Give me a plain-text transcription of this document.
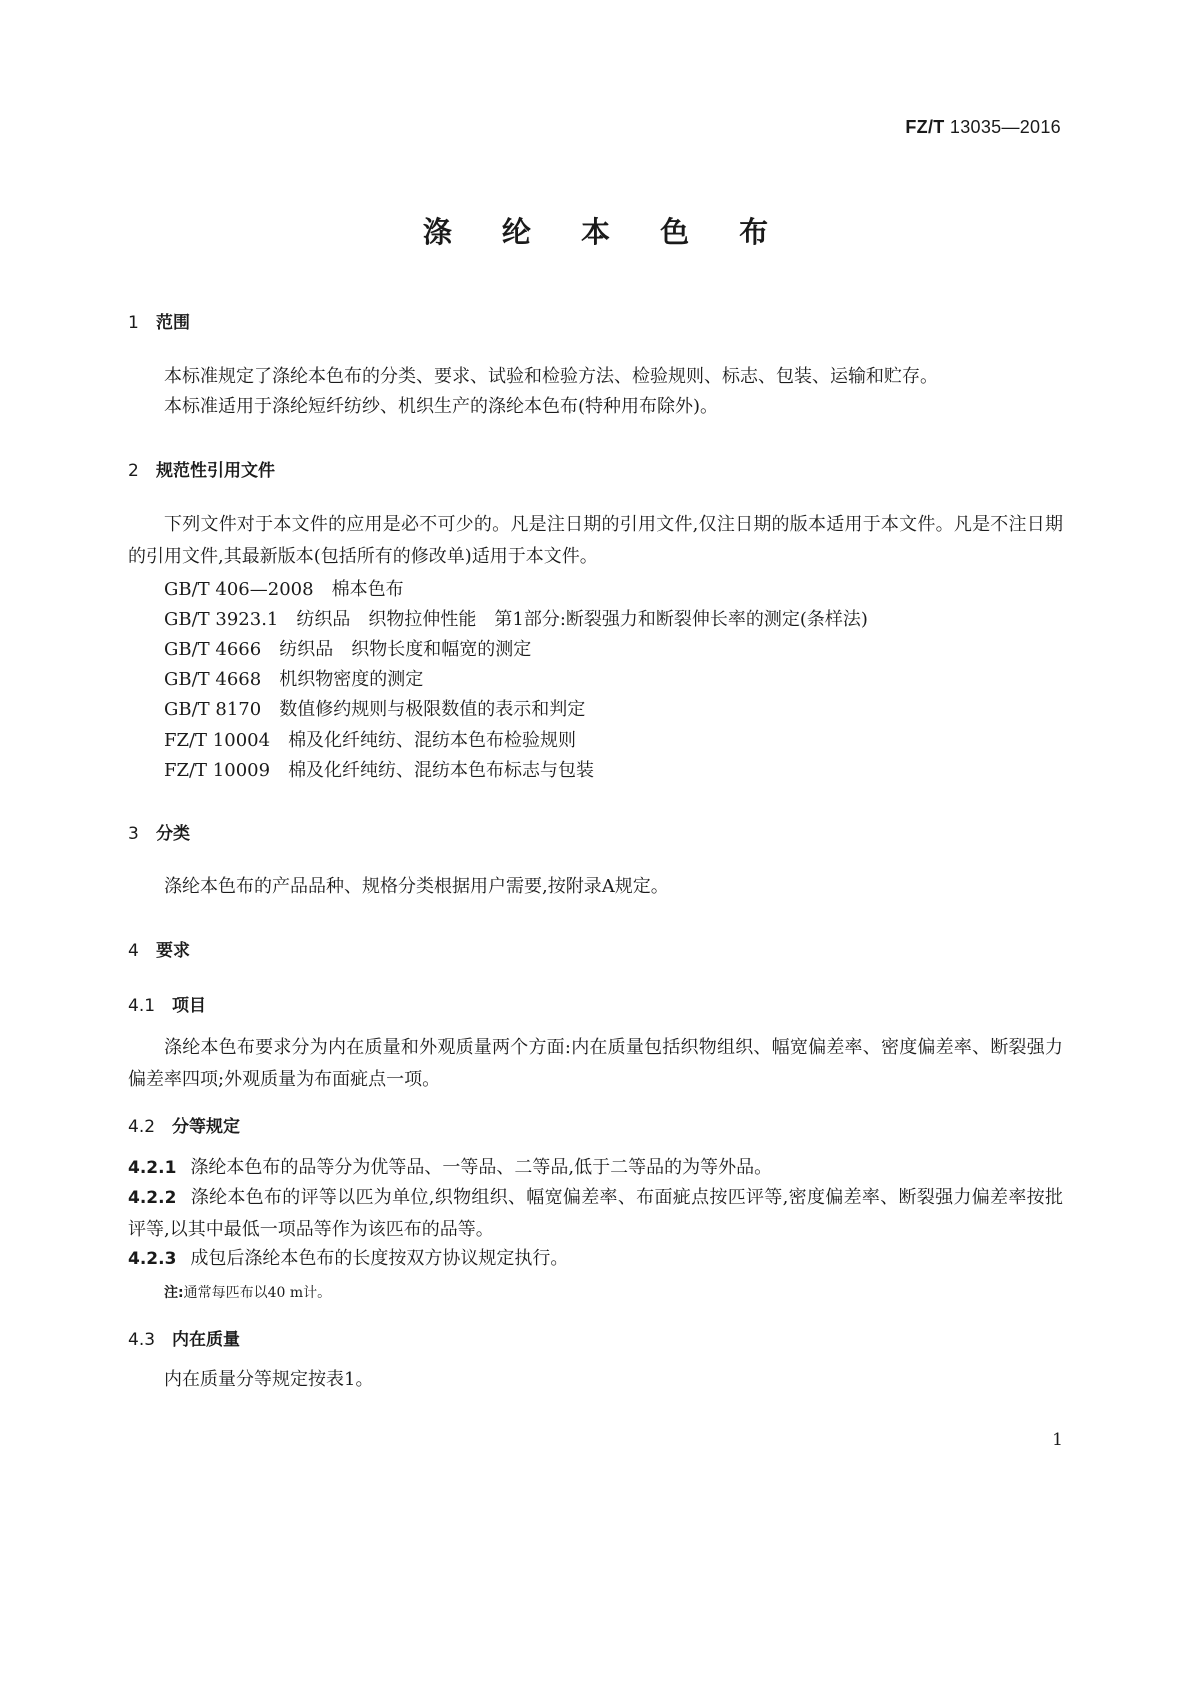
FZ/T 13035—2016
涤 纶 本 色 布
1 范围
本标准规定了涤纶本色布的分类、要求、试验和检验方法、检验规则、标志、包装、运输和贮存。
本标准适用于涤纶短纤纺纱、机织生产的涤纶本色布(特种用布除外)。
2 规范性引用文件
下列文件对于本文件的应用是必不可少的。凡是注日期的引用文件,仅注日期的版本适用于本文件。凡是不注日期的引用文件,其最新版本(包括所有的修改单)适用于本文件。
GB/T 406—2008 棉本色布
GB/T 3923.1 纺织品　织物拉伸性能　第1部分:断裂强力和断裂伸长率的测定(条样法)
GB/T 4666 纺织品　织物长度和幅宽的测定
GB/T 4668 机织物密度的测定
GB/T 8170 数值修约规则与极限数值的表示和判定
FZ/T 10004 棉及化纤纯纺、混纺本色布检验规则
FZ/T 10009 棉及化纤纯纺、混纺本色布标志与包装
3 分类
涤纶本色布的产品品种、规格分类根据用户需要,按附录A规定。
4 要求
4.1 项目
涤纶本色布要求分为内在质量和外观质量两个方面:内在质量包括织物组织、幅宽偏差率、密度偏差率、断裂强力偏差率四项;外观质量为布面疵点一项。
4.2 分等规定
4.2.1 涤纶本色布的品等分为优等品、一等品、二等品,低于二等品的为等外品。
4.2.2 涤纶本色布的评等以匹为单位,织物组织、幅宽偏差率、布面疵点按匹评等,密度偏差率、断裂强力偏差率按批评等,以其中最低一项品等作为该匹布的品等。
4.2.3 成包后涤纶本色布的长度按双方协议规定执行。
注:通常每匹布以40 m计。
4.3 内在质量
内在质量分等规定按表1。
1
